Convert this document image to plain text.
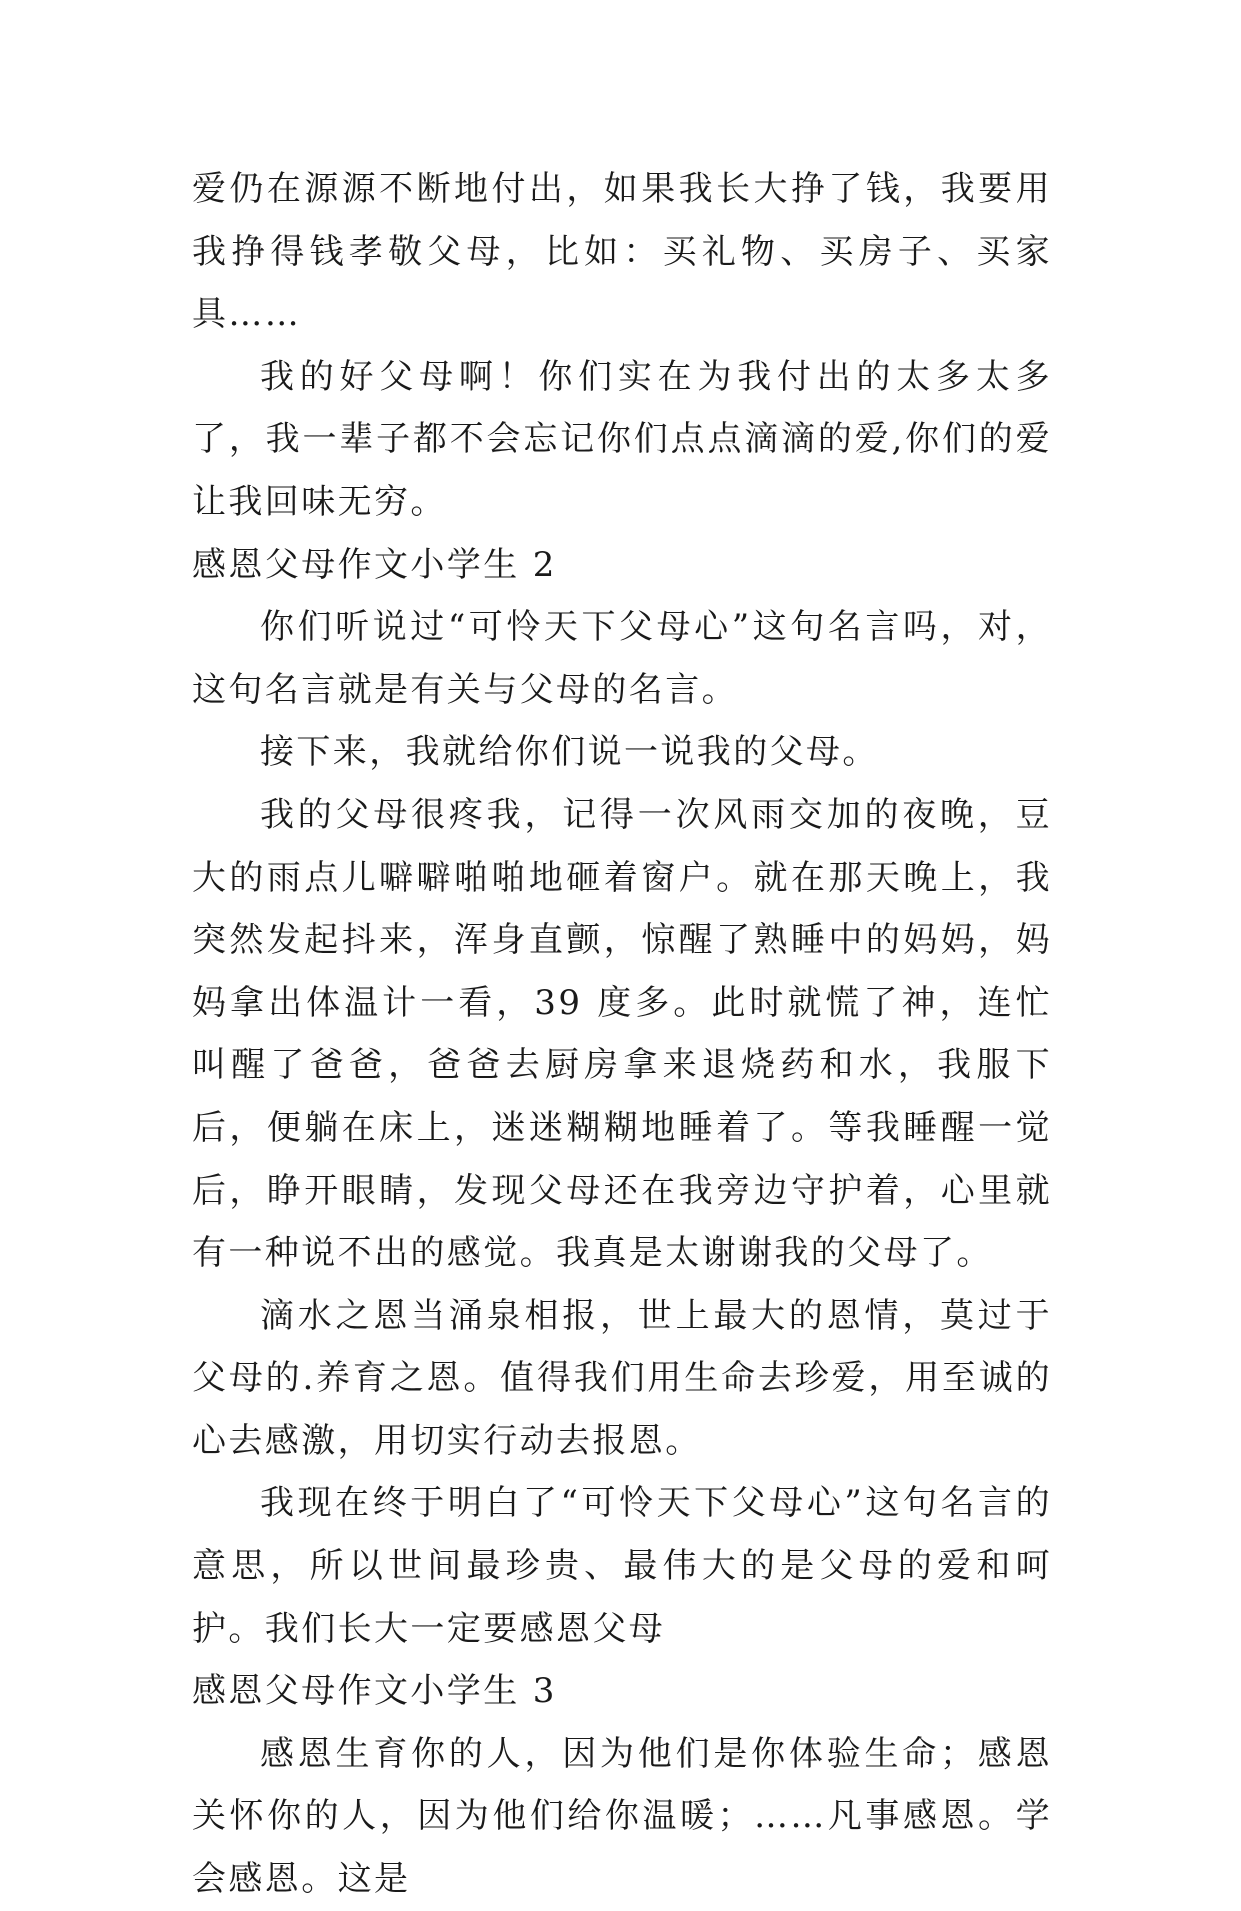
爱仍在源源不断地付出，如果我长大挣了钱，我要用我挣得钱孝敬父母，比如：买礼物、买房子、买家具……

我的好父母啊！你们实在为我付出的太多太多了，我一辈子都不会忘记你们点点滴滴的爱,你们的爱让我回味无穷。

感恩父母作文小学生 2

你们听说过“可怜天下父母心”这句名言吗，对，这句名言就是有关与父母的名言。

接下来，我就给你们说一说我的父母。

我的父母很疼我，记得一次风雨交加的夜晚，豆大的雨点儿噼噼啪啪地砸着窗户。就在那天晚上，我突然发起抖来，浑身直颤，惊醒了熟睡中的妈妈，妈妈拿出体温计一看，39 度多。此时就慌了神，连忙叫醒了爸爸，爸爸去厨房拿来退烧药和水，我服下后，便躺在床上，迷迷糊糊地睡着了。等我睡醒一觉后，睁开眼睛，发现父母还在我旁边守护着，心里就有一种说不出的感觉。我真是太谢谢我的父母了。

滴水之恩当涌泉相报，世上最大的恩情，莫过于父母的.养育之恩。值得我们用生命去珍爱，用至诚的心去感激，用切实行动去报恩。

我现在终于明白了“可怜天下父母心”这句名言的意思，所以世间最珍贵、最伟大的是父母的爱和呵护。我们长大一定要感恩父母

感恩父母作文小学生 3

感恩生育你的人，因为他们是你体验生命；感恩关怀你的人，因为他们给你温暖；……凡事感恩。学会感恩。这是
